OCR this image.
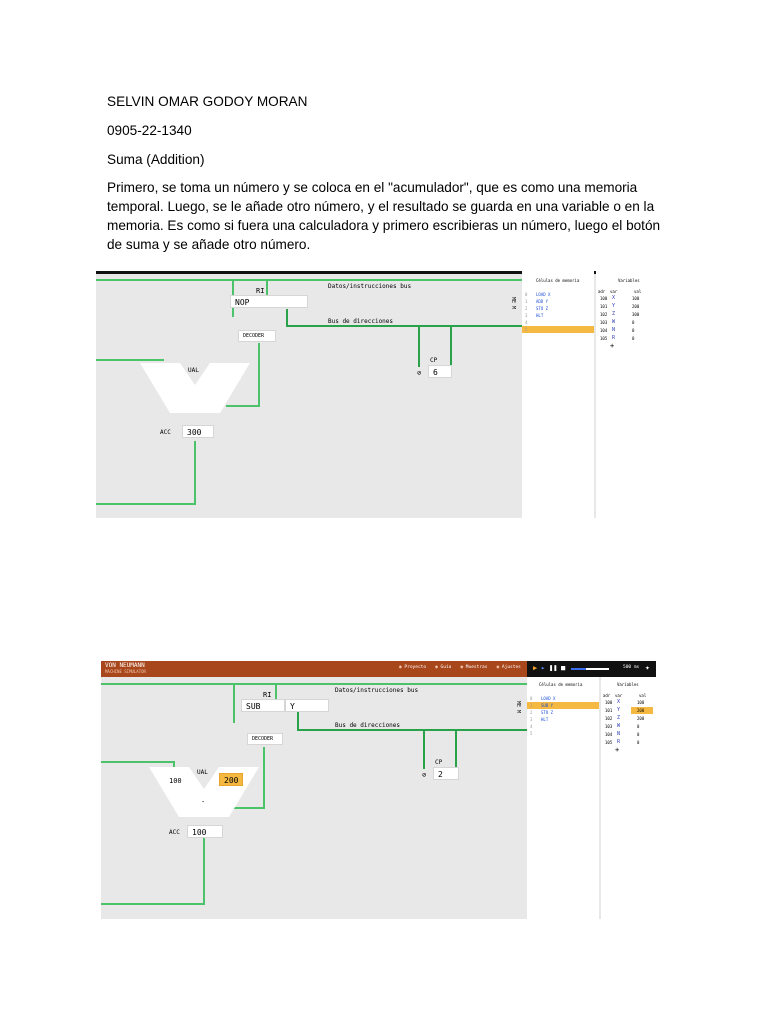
SELVIN OMAR GODOY MORAN
0905-22-1340
Suma (Addition)
Primero, se toma un número y se coloca en el "acumulador", que es como una memoria temporal. Luego, se le añade otro número, y el resultado se guarda en una variable o en la memoria. Es como si fuera una calculadora y primero escribieras un número, luego el botón de suma y se añade otro número.
Datos/instrucciones bus
Bus de direcciones
RI
NOP
DECODER
UAL
ACC	300
CP
⊘	6
ME M
Células de memoria
0 LOAD X
1 ADD Y
2 STO Z
3 HLT
4
5
Variables
adr var	val
100 X	100
101 Y	200
102 Z	300
103 W	0
104 N	0
105 R	0
+
VON NEUMANN
MACHINE SIMULATOR
◉ Proyecto ◉ Guía ◉ Muestras ◉ Ajustes	▶ ▸ ❚❚ ■	500 ms ✦
Datos/instrucciones bus
Bus de direcciones
RI
SUB	Y
DECODER
UAL
100	200
-
ACC	100
CP
⊘	2
ME M
Células de memoria
0 LOAD X
1 SUB Y
2 STO Z
3 HLT
4
5
Variables
adr var	val
100 X	100
101 Y	200
102 Z	200
103 W	0
104 N	0
105 R	0
+
